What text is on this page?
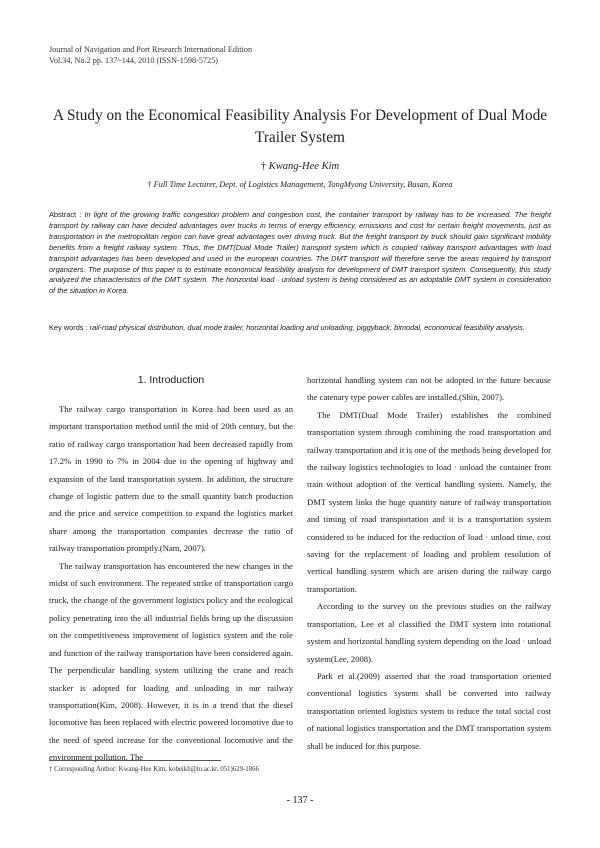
Journal of Navigation and Port Research International Edition
Vol.34, No.2 pp. 137~144, 2010 (ISSN-1598-5725)
A Study on the Economical Feasibility Analysis For Development of Dual Mode Trailer System
† Kwang-Hee Kim
† Full Time Lecturer, Dept. of Logistics Management, TongMyong University, Busan, Korea
Abstract : In light of the growing traffic congestion problem and congestion cost, the container transport by railway has to be increased. The freight transport by railway can have decided advantages over trucks in terms of energy efficiency, emissions and cost for certain freight movements, just as transportation in the metropolitan region can have great advantages over driving truck. But the freight transport by truck should gain significant mobility benefits from a freight railway system. Thus, the DMT(Dual Mode Trailer) transport system which is coupled railway transport advantages with load transport advantages has been developed and used in the european countries. The DMT transport will therefore serve the areas required by transport organizers. The purpose of this paper is to estimate economical feasibility analysis for development of DMT transport system. Consequently, this study analyzed the characteristics of the DMT system. The horizontal load · unload system is being considered as an adoptable DMT system in consideration of the situation in Korea.
Key words : rail-road physical distribution, dual mode trailer, horizontal loading and unloading, piggyback, bimodal, economical feasibility analysis.
1. Introduction

The railway cargo transportation in Korea had been used as an important transportation method until the mid of 20th century, but the ratio of railway cargo transportation had been decreased rapidly from 17.2% in 1990 to 7% in 2004 due to the opening of highway and expansion of the land transportation system. In addition, the structure change of logistic pattern due to the small quantity batch production and the price and service competition to expand the logistics market share among the transportation companies decrease the ratio of railway transportation promptly.(Nam, 2007).

The railway transportation has encountered the new changes in the midst of such environment. The repeated strike of transportation cargo truck, the change of the government logistics policy and the ecological policy penetrating into the all industrial fields bring up the discussion on the competitiveness improvement of logistics system and the role and function of the railway transportation have been considered again. The perpendicular handling system utilizing the crane and reach stacker is adopted for loading and unloading in our railway transportation(Kim, 2008). However, it is in a trend that the diesel locomotive has been replaced with electric powered locomotive due to the need of speed increase for the conventional locomotive and the environment pollution. The

horizontal handling system can not be adopted in the future because the catenary type power cables are installed.(Shin, 2007).

The DMT(Dual Mode Trailer) establishes the combined transportation system through combining the road transportation and railway transportation and it is one of the methods being developed for the railway logistics technologies to load · unload the container from train without adoption of the vertical handling system. Namely, the DMT system links the huge quantity nature of railway transportation and timing of road transportation and it is a transportation system considered to be induced for the reduction of load · unload time, cost saving for the replacement of loading and problem resolution of vertical handling system which are arisen during the railway cargo transportation.

According to the survey on the previous studies on the railway transportation, Lee et al classified the DMT system into rotational system and horizontal handling system depending on the load · unload system(Lee, 2008).

Park et al.(2009) asserted that the road transportation oriented conventional logistics system shall be converted into railway transportation oriented logistics system to reduce the total social cost of national logistics transportation and the DMT transportation system shall be induced for this purpose.

† Corresponding Author: Kwang-Hee Kim, kobeikh@tu.ac.kr, 051)629-1866
- 137 -
